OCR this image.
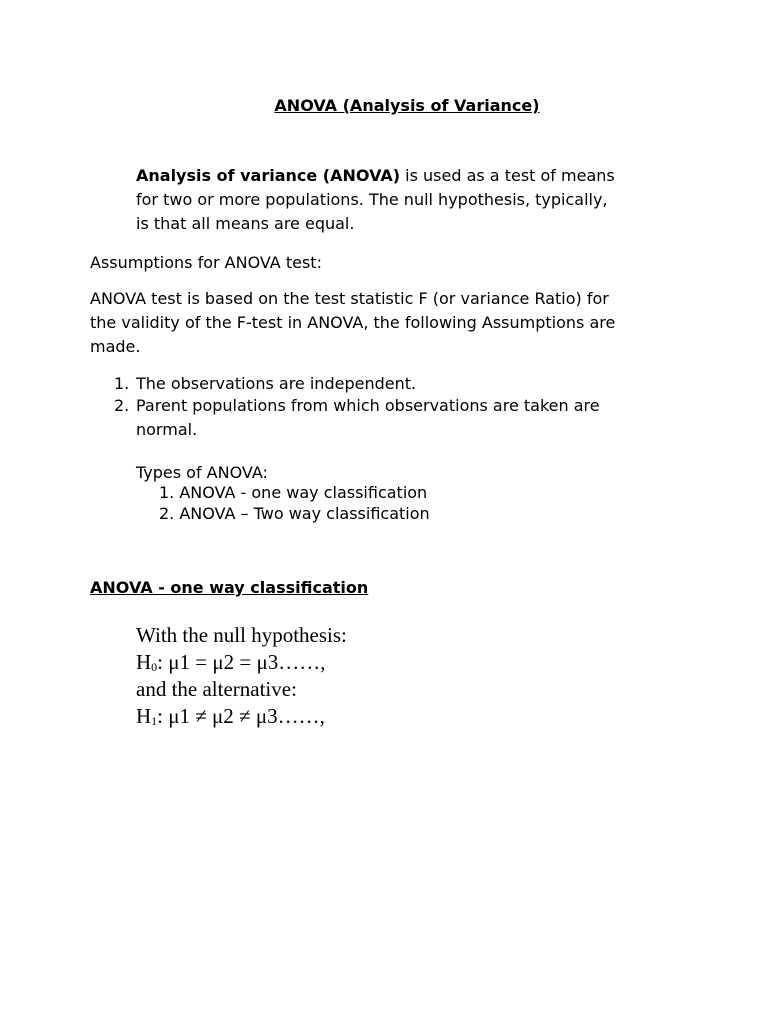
ANOVA (Analysis of Variance)
Analysis of variance (ANOVA) is used as a test of means
for two or more populations. The null hypothesis, typically,
is that all means are equal.
Assumptions for ANOVA test:
ANOVA test is based on the test statistic F (or variance Ratio) for
the validity of the F-test in ANOVA, the following Assumptions are
made.
1. The observations are independent.
2. Parent populations from which observations are taken are
normal.
Types of ANOVA:
1. ANOVA - one way classification
2. ANOVA – Two way classification
ANOVA - one way classification
With the null hypothesis:
$H_0$: μ1 = μ2 = μ3……,
and the alternative:
$H_1$: μ1 ≠ μ2 ≠ μ3……,
